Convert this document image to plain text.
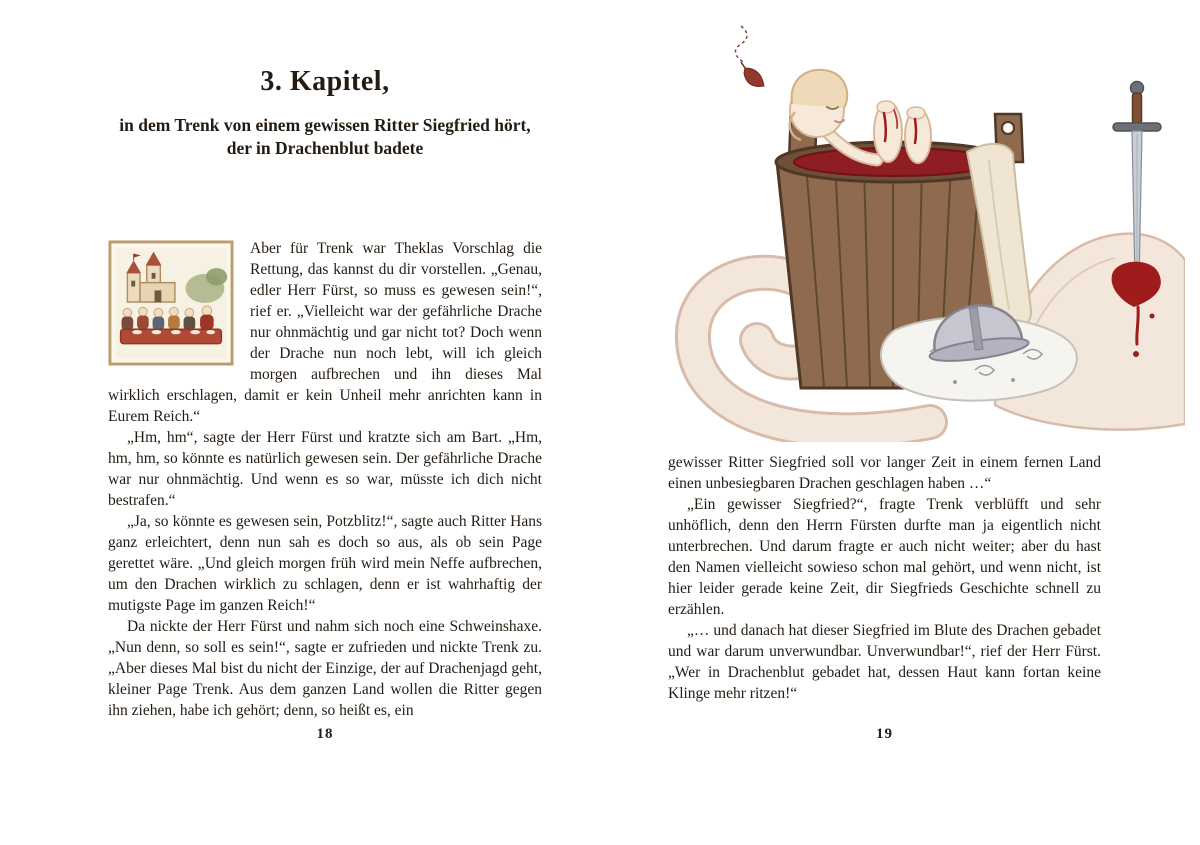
3. Kapitel,
in dem Trenk von einem gewissen Ritter Siegfried hört, der in Drachenblut badete

Aber für Trenk war Theklas Vorschlag die Rettung, das kannst du dir vorstellen. „Genau, edler Herr Fürst, so muss es gewesen sein!“, rief er. „Vielleicht war der gefährliche Drache nur ohnmächtig und gar nicht tot? Doch wenn der Drache nun noch lebt, will ich gleich morgen aufbrechen und ihn dieses Mal wirklich erschlagen, damit er kein Unheil mehr anrichten kann in Eurem Reich.“

„Hm, hm“, sagte der Herr Fürst und kratzte sich am Bart. „Hm, hm, hm, so könnte es natürlich gewesen sein. Der gefährliche Drache war nur ohnmächtig. Und wenn es so war, müsste ich dich nicht bestrafen.“

„Ja, so könnte es gewesen sein, Potzblitz!“, sagte auch Ritter Hans ganz erleichtert, denn nun sah es doch so aus, als ob sein Page gerettet wäre. „Und gleich morgen früh wird mein Neffe aufbrechen, um den Drachen wirklich zu schlagen, denn er ist wahrhaftig der mutigste Page im ganzen Reich!“

Da nickte der Herr Fürst und nahm sich noch eine Schweinshaxe. „Nun denn, so soll es sein!“, sagte er zufrieden und nickte Trenk zu. „Aber dieses Mal bist du nicht der Einzige, der auf Drachenjagd geht, kleiner Page Trenk. Aus dem ganzen Land wollen die Ritter gegen ihn ziehen, habe ich gehört; denn, so heißt es, ein

18

gewisser Ritter Siegfried soll vor langer Zeit in einem fernen Land einen unbesiegbaren Drachen geschlagen haben …“

„Ein gewisser Siegfried?“, fragte Trenk verblüfft und sehr unhöflich, denn den Herrn Fürsten durfte man ja eigentlich nicht unterbrechen. Und darum fragte er auch nicht weiter; aber du hast den Namen vielleicht sowieso schon mal gehört, und wenn nicht, ist hier leider gerade keine Zeit, dir Siegfrieds Geschichte schnell zu erzählen.

„… und danach hat dieser Siegfried im Blute des Drachen gebadet und war darum unverwundbar. Unverwundbar!“, rief der Herr Fürst. „Wer in Drachenblut gebadet hat, dessen Haut kann fortan keine Klinge mehr ritzen!“

19
